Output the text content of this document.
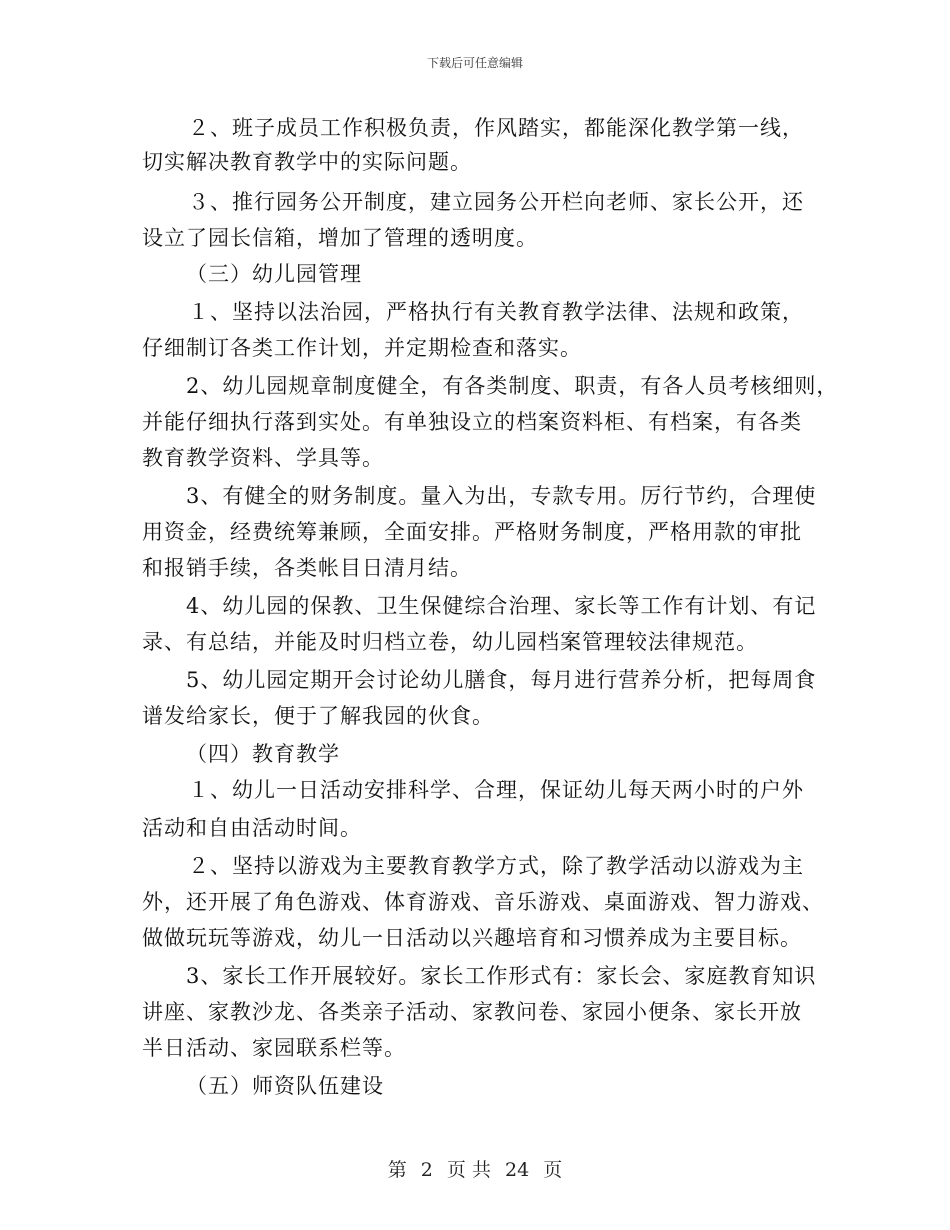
下载后可任意编辑
２、班子成员工作积极负责，作风踏实，都能深化教学第一线，
切实解决教育教学中的实际问题。
３、推行园务公开制度，建立园务公开栏向老师、家长公开，还
设立了园长信箱，增加了管理的透明度。
（三）幼儿园管理
１、坚持以法治园，严格执行有关教育教学法律、法规和政策，
仔细制订各类工作计划，并定期检查和落实。
2、幼儿园规章制度健全，有各类制度、职责，有各人员考核细则，
并能仔细执行落到实处。有单独设立的档案资料柜、有档案，有各类
教育教学资料、学具等。
3、有健全的财务制度。量入为出，专款专用。厉行节约，合理使
用资金，经费统筹兼顾，全面安排。严格财务制度，严格用款的审批
和报销手续，各类帐目日清月结。
4、幼儿园的保教、卫生保健综合治理、家长等工作有计划、有记
录、有总结，并能及时归档立卷，幼儿园档案管理较法律规范。
5、幼儿园定期开会讨论幼儿膳食，每月进行营养分析，把每周食
谱发给家长，便于了解我园的伙食。
（四）教育教学
１、幼儿一日活动安排科学、合理，保证幼儿每天两小时的户外
活动和自由活动时间。
２、坚持以游戏为主要教育教学方式，除了教学活动以游戏为主
外，还开展了角色游戏、体育游戏、音乐游戏、桌面游戏、智力游戏、
做做玩玩等游戏，幼儿一日活动以兴趣培育和习惯养成为主要目标。
3、家长工作开展较好。家长工作形式有：家长会、家庭教育知识
讲座、家教沙龙、各类亲子活动、家教问卷、家园小便条、家长开放
半日活动、家园联系栏等。
（五）师资队伍建设
第 2 页 共 24 页
